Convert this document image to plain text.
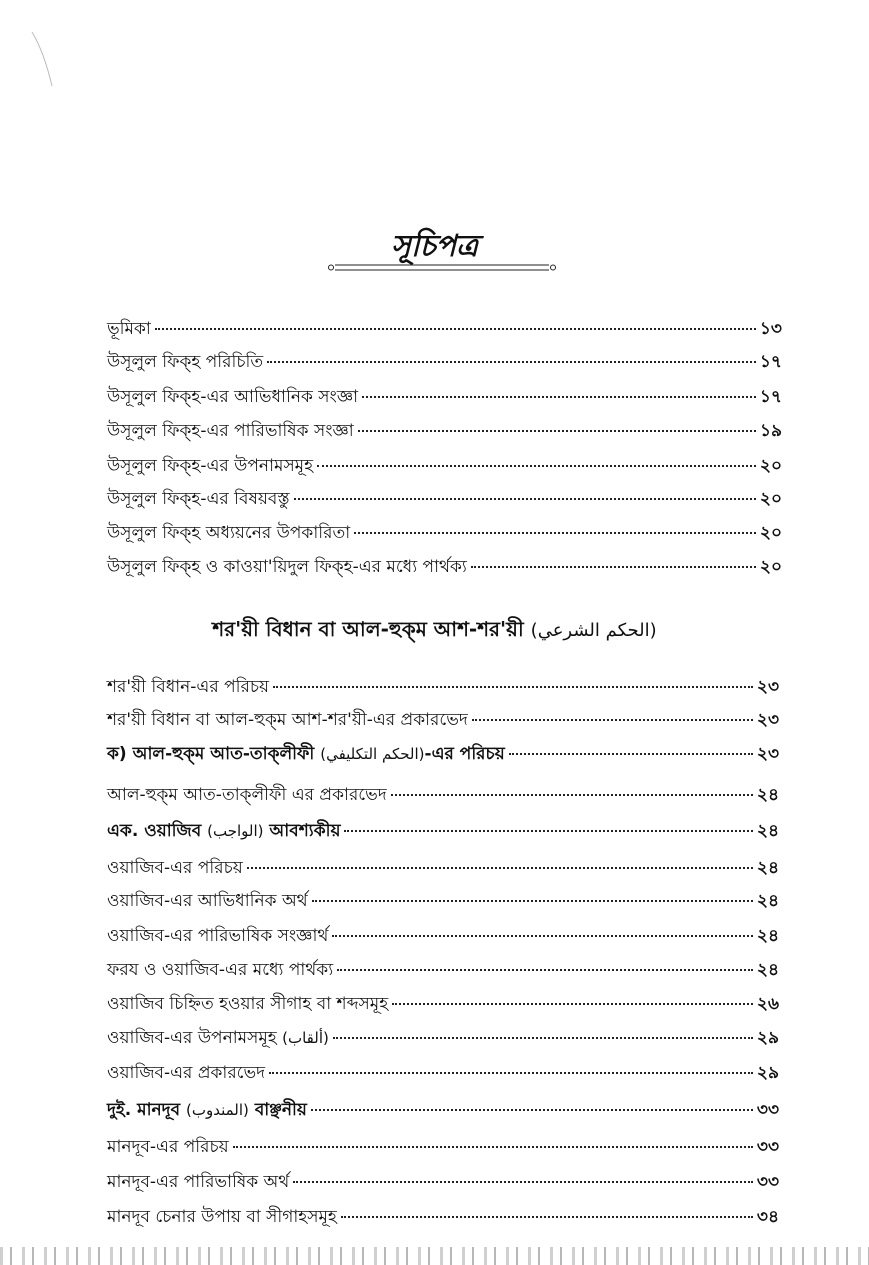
সূচিপত্র
ভূমিকা	১৩
উসূলুল ফিক্‌হ পরিচিতি	১৭
উসূলুল ফিক্‌হ-এর আভিধানিক সংজ্ঞা	১৭
উসূলুল ফিক্‌হ-এর পারিভাষিক সংজ্ঞা	১৯
উসূলুল ফিক্‌হ-এর উপনামসমূহ	২০
উসূলুল ফিক্‌হ-এর বিষয়বস্তু	২০
উসূলুল ফিক্‌হ অধ্যয়নের উপকারিতা	২০
উসূলুল ফিক্‌হ ও কাওয়া'য়িদুল ফিক্‌হ-এর মধ্যে পার্থক্য	২০
শর'য়ী বিধান বা আল-হুক্‌ম আশ-শর'য়ী (الحكم الشرعي)
শর'য়ী বিধান-এর পরিচয়	২৩
শর'য়ী বিধান বা আল-হুক্‌ম আশ-শর'য়ী-এর প্রকারভেদ	২৩
ক) আল-হুক্‌ম আত-তাক্‌লীফী (الحكم التكليفي)-এর পরিচয়	২৩
আল-হুক্‌ম আত-তাক্‌লীফী এর প্রকারভেদ	২৪
এক. ওয়াজিব (الواجب) আবশ্যকীয়	২৪
ওয়াজিব-এর পরিচয়	২৪
ওয়াজিব-এর আভিধানিক অর্থ	২৪
ওয়াজিব-এর পারিভাষিক সংজ্ঞার্থ	২৪
ফরয ও ওয়াজিব-এর মধ্যে পার্থক্য	২৪
ওয়াজিব চিহ্নিত হওয়ার সীগাহ বা শব্দসমূহ	২৬
ওয়াজিব-এর উপনামসমূহ (ألقاب)	২৯
ওয়াজিব-এর প্রকারভেদ	২৯
দুই. মানদূব (المندوب) বাঞ্ছনীয়	৩৩
মানদূব-এর পরিচয়	৩৩
মানদূব-এর পারিভাষিক অর্থ	৩৩
মানদূব চেনার উপায় বা সীগাহসমূহ	৩৪
